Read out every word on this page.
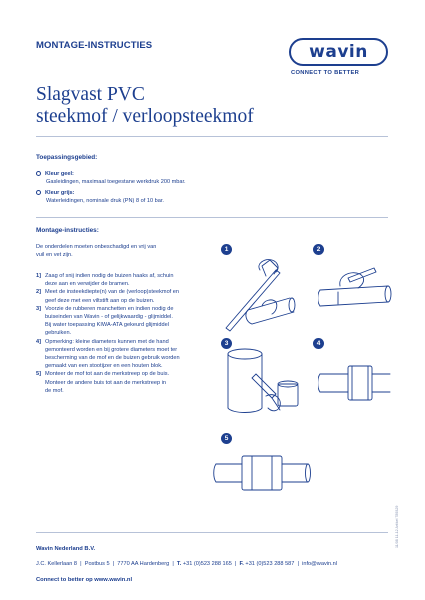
MONTAGE-INSTRUCTIES	wavin
CONNECT TO BETTER
Slagvast PVC
steekmof / verloopsteekmof
Toepassingsgebied:
Kleur geel:
Gasleidingen, maximaal toegestane werkdruk 200 mbar.
Kleur grijs:
Waterleidingen, nominale druk (PN) 8 of 10 bar.
Montage-instructies:
De onderdelen moeten onbeschadigd en vrij van
vuil en vet zijn.
1] Zaag of snij indien nodig de buizen haaks af, schuin
deze aan en verwijder de bramen.
2] Meet de insteekdiepte(n) van de (verloop)steekmof en
geef deze met een viltstift aan op de buizen.
3] Voorzie de rubberen manchetten en indien nodig de
buiseinden van Wavin - of gelijkwaardig - glijmiddel.
Bij water toepassing KIWA-ATA gekeurd glijmiddel
gebruiken.
4] Opmerking: kleine diameters kunnen met de hand
gemonteerd worden en bij grotere diameters moet ter
bescherming van de mof en de buizen gebruik worden
gemaakt van een stootijzer en een houten blok.
5] Monteer de mof tot aan de merkstreep op de buis.
Monteer de andere buis tot aan de merkstreep in
de mof.
1	2
3	4
5
Wavin Nederland B.V.
J.C. Kellerlaan 8  |  Postbus 5  |  7770 AA Hardenberg  |  T. +31 (0)523 288 165  |  F. +31 (0)523 288 587  |  info@wavin.nl
Connect to better op www.wavin.nl
11/08 11-12 Artikel 789329
